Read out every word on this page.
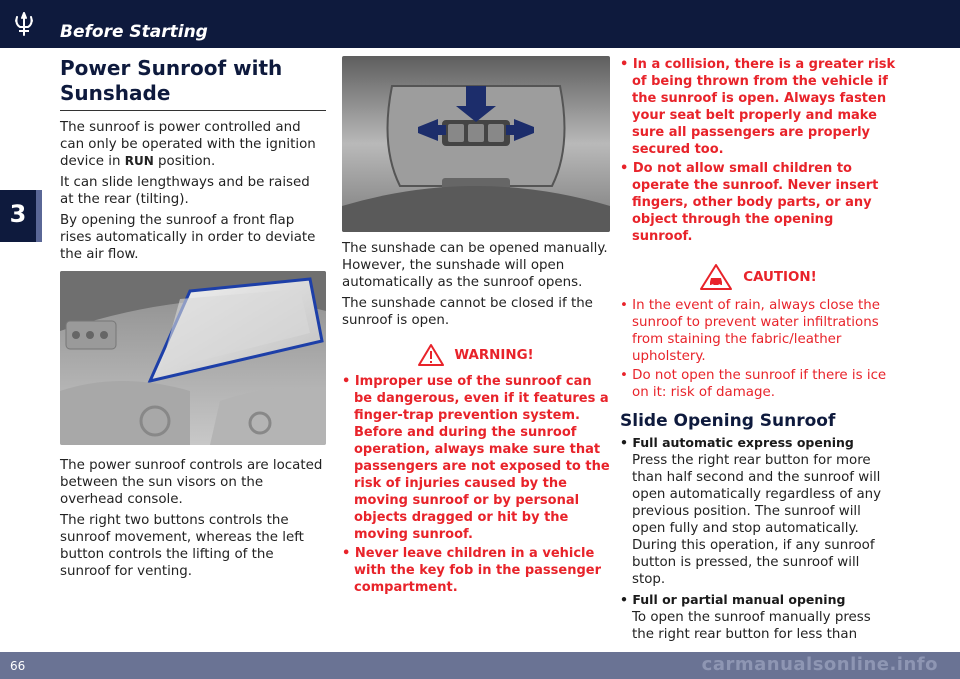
Before Starting
3
Power Sunroof with Sunshade

The sunroof is power controlled and can only be operated with the ignition device in RUN position.

It can slide lengthways and be raised at the rear (tilting).

By opening the sunroof a front flap rises automatically in order to deviate the air flow.

The power sunroof controls are located between the sun visors on the overhead console.

The right two buttons controls the sunroof movement, whereas the left button controls the lifting of the sunroof for venting.

The sunshade can be opened manually. However, the sunshade will open automatically as the sunroof opens.

The sunshade cannot be closed if the sunroof is open.

WARNING!
• Improper use of the sunroof can be dangerous, even if it features a finger-trap prevention system. Before and during the sunroof operation, always make sure that passengers are not exposed to the risk of injuries caused by the moving sunroof or by personal objects dragged or hit by the moving sunroof.
• Never leave children in a vehicle with the key fob in the passenger compartment.
• In a collision, there is a greater risk of being thrown from the vehicle if the sunroof is open. Always fasten your seat belt properly and make sure all passengers are properly secured too.
• Do not allow small children to operate the sunroof. Never insert fingers, other body parts, or any object through the opening sunroof.
CAUTION!
• In the event of rain, always close the sunroof to prevent water infiltrations from staining the fabric/leather upholstery.
• Do not open the sunroof if there is ice on it: risk of damage.
Slide Opening Sunroof
• Full automatic express opening
Press the right rear button for more than half second and the sunroof will open automatically regardless of any previous position. The sunroof will open fully and stop automatically. During this operation, if any sunroof button is pressed, the sunroof will stop.
• Full or partial manual opening
To open the sunroof manually press the right rear button for less than
66	carmanualsonline.info
